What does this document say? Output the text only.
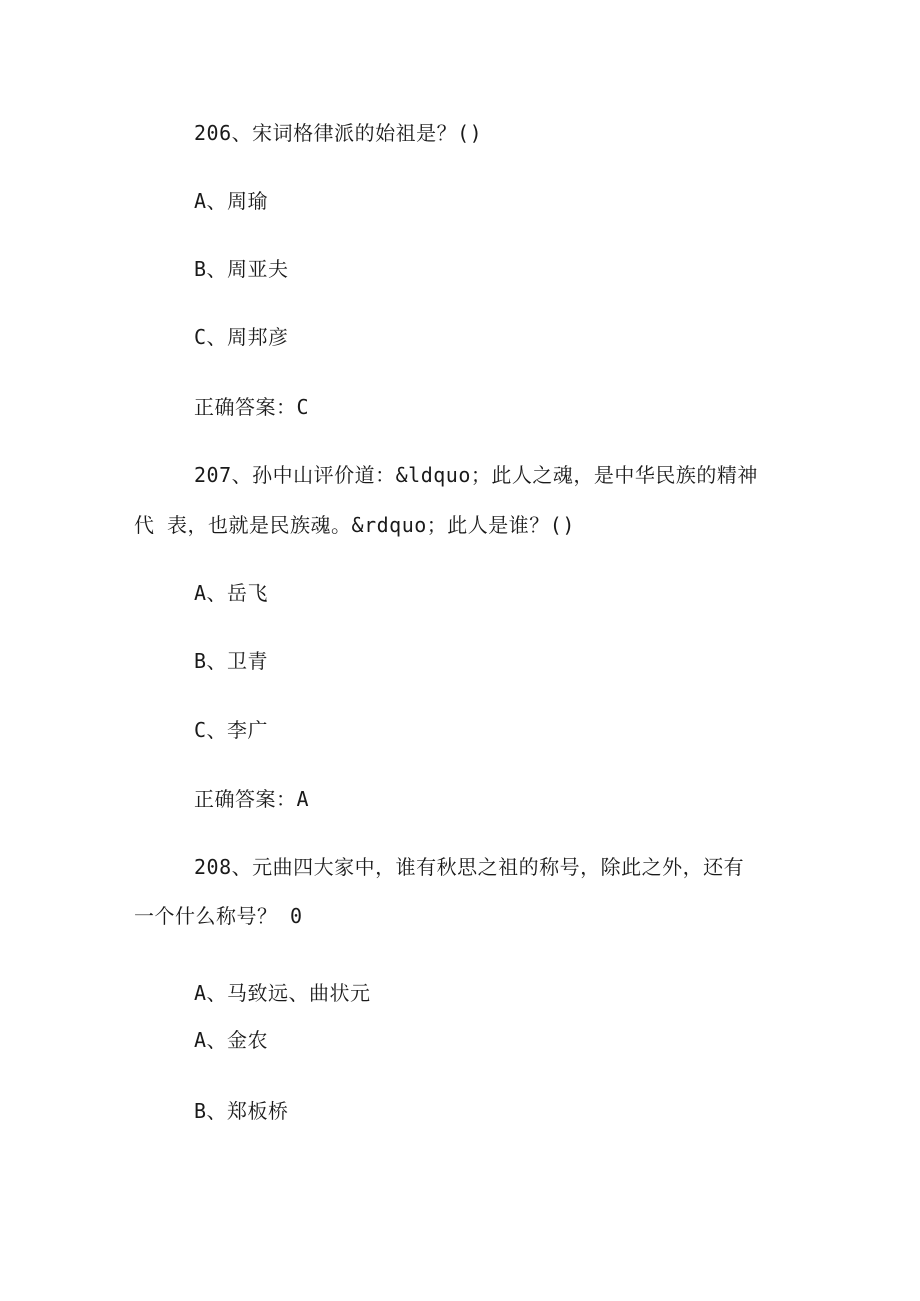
206、宋词格律派的始祖是？()
A、周瑜
B、周亚夫
C、周邦彦
正确答案：C
207、孙中山评价道：&ldquo；此人之魂，是中华民族的精神
代 表，也就是民族魂。&rdquo；此人是谁？()
A、岳飞
B、卫青
C、李广
正确答案：A
208、元曲四大家中，谁有秋思之祖的称号，除此之外，还有
一个什么称号？ 0
A、马致远、曲状元
A、金农
B、郑板桥
